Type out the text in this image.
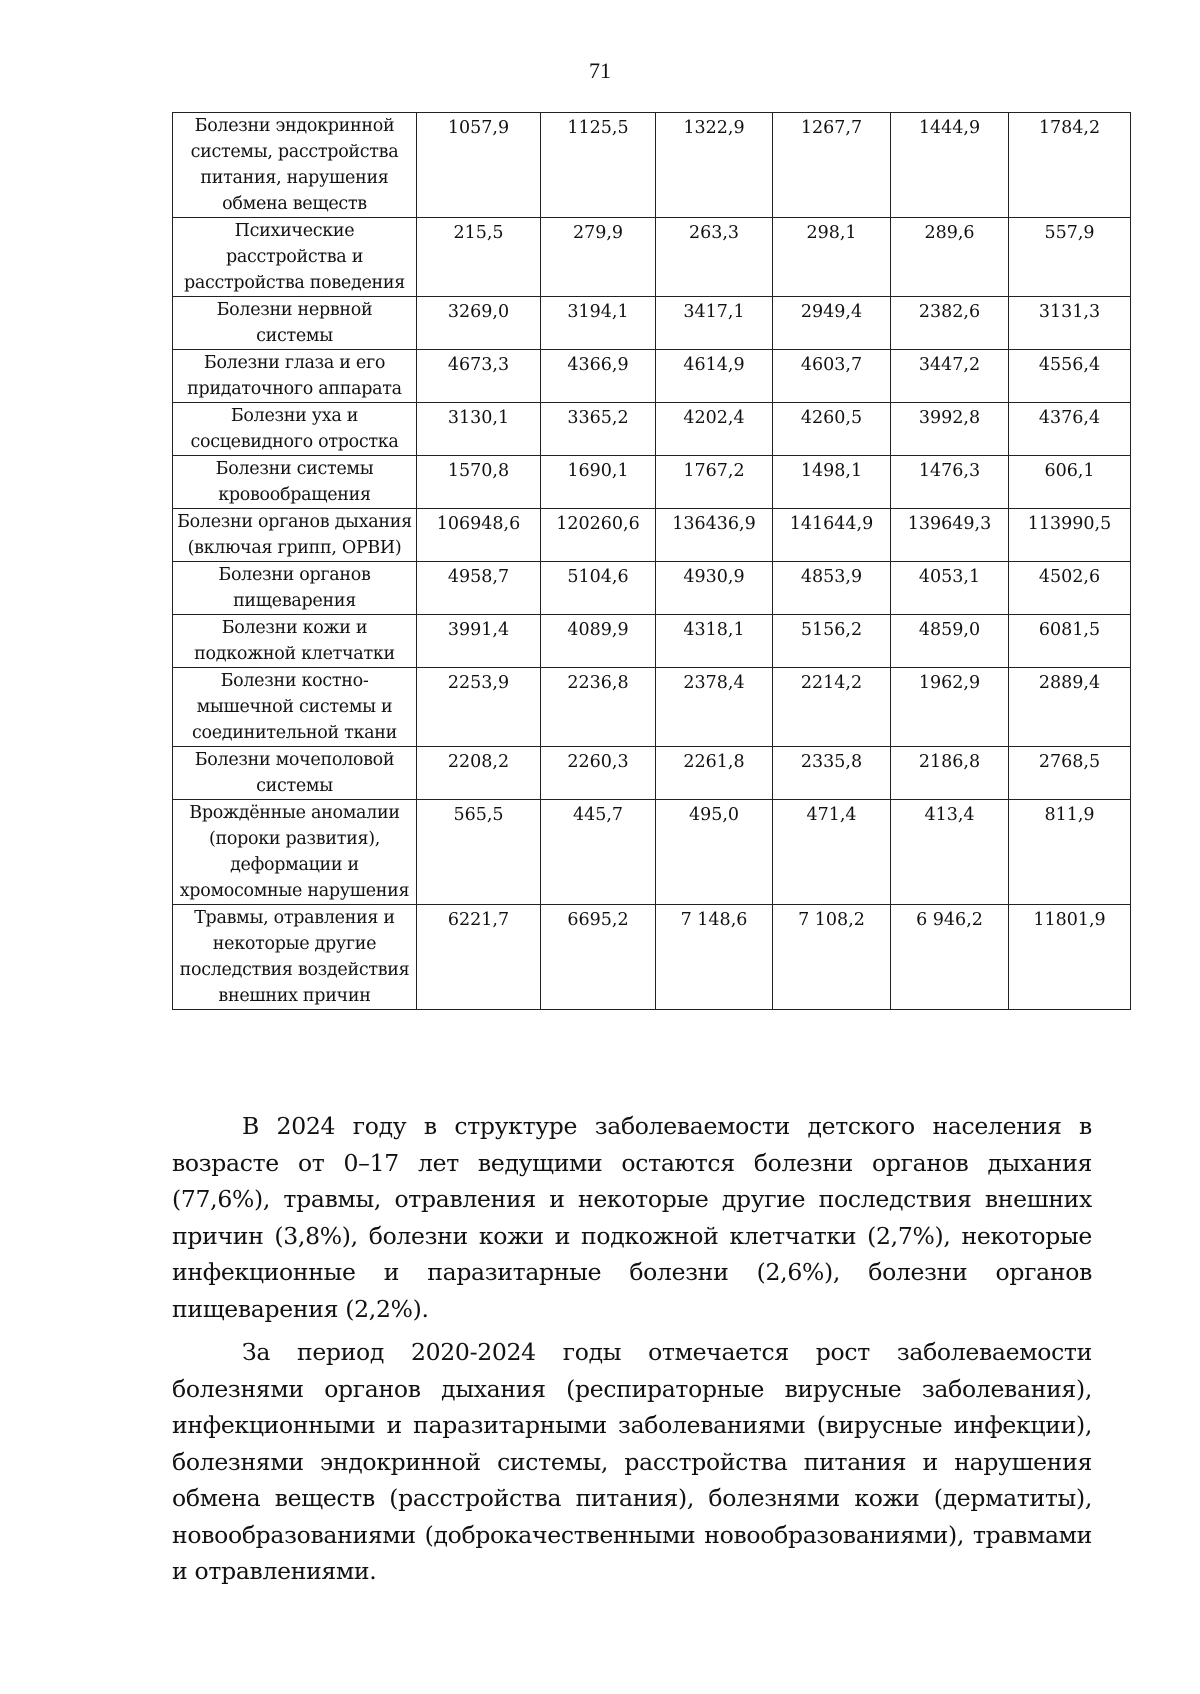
71
Болезни эндокринной системы, расстройства питания, нарушения обмена веществ	1057,9	1125,5	1322,9	1267,7	1444,9	1784,2
Психические расстройства и расстройства поведения	215,5	279,9	263,3	298,1	289,6	557,9
Болезни нервной системы	3269,0	3194,1	3417,1	2949,4	2382,6	3131,3
Болезни глаза и его придаточного аппарата	4673,3	4366,9	4614,9	4603,7	3447,2	4556,4
Болезни уха и сосцевидного отростка	3130,1	3365,2	4202,4	4260,5	3992,8	4376,4
Болезни системы кровообращения	1570,8	1690,1	1767,2	1498,1	1476,3	606,1
Болезни органов дыхания (включая грипп, ОРВИ)	106948,6	120260,6	136436,9	141644,9	139649,3	113990,5
Болезни органов пищеварения	4958,7	5104,6	4930,9	4853,9	4053,1	4502,6
Болезни кожи и подкожной клетчатки	3991,4	4089,9	4318,1	5156,2	4859,0	6081,5
Болезни костно-мышечной системы и соединительной ткани	2253,9	2236,8	2378,4	2214,2	1962,9	2889,4
Болезни мочеполовой системы	2208,2	2260,3	2261,8	2335,8	2186,8	2768,5
Врождённые аномалии (пороки развития), деформации и хромосомные нарушения	565,5	445,7	495,0	471,4	413,4	811,9
Травмы, отравления и некоторые другие последствия воздействия внешних причин	6221,7	6695,2	7 148,6	7 108,2	6 946,2	11801,9

В 2024 году в структуре заболеваемости детского населения в возрасте от 0–17 лет ведущими остаются болезни органов дыхания (77,6%), травмы, отравления и некоторые другие последствия внешних причин (3,8%), болезни кожи и подкожной клетчатки (2,7%), некоторые инфекционные и паразитарные болезни (2,6%), болезни органов пищеварения (2,2%).

За период 2020-2024 годы отмечается рост заболеваемости болезнями органов дыхания (респираторные вирусные заболевания), инфекционными и паразитарными заболеваниями (вирусные инфекции), болезнями эндокринной системы, расстройства питания и нарушения обмена веществ (расстройства питания), болезнями кожи (дерматиты), новообразованиями (доброкачественными новообразованиями), травмами и отравлениями.
